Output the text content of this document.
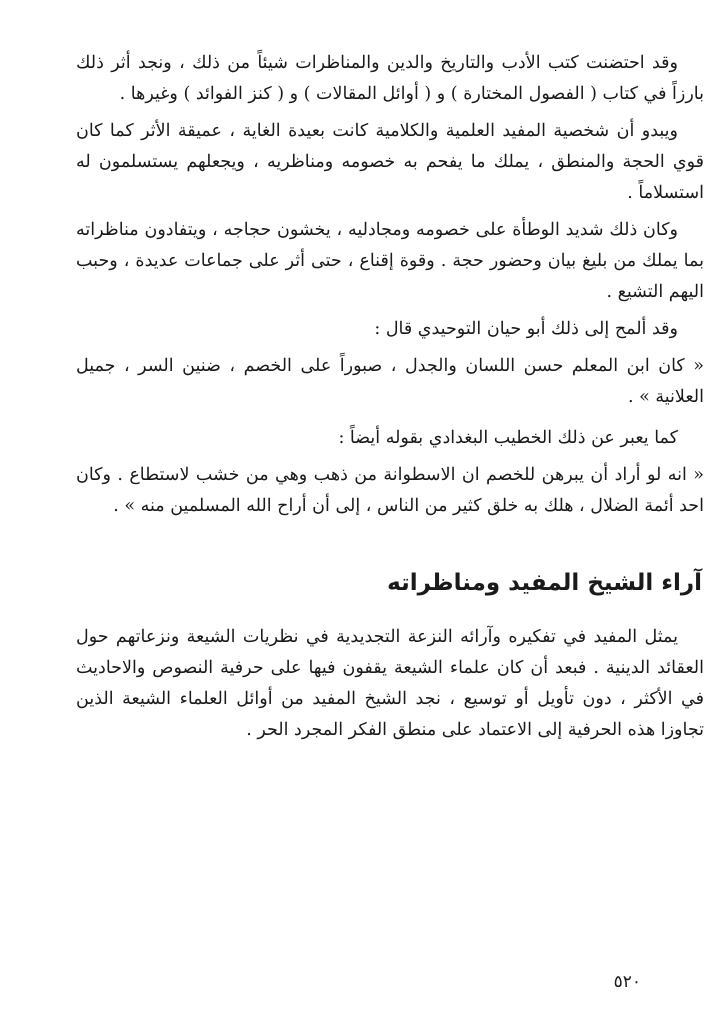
وقد احتضنت كتب الأدب والتاريخ والدين والمناظرات شيئاً من ذلك ، ونجد أثر ذلك بارزاً في كتاب ( الفصول المختارة ) و ( أوائل المقالات ) و ( كنز الفوائد ) وغيرها .

ويبدو أن شخصية المفيد العلمية والكلامية كانت بعيدة الغاية ، عميقة الأثر كما كان قوي الحجة والمنطق ، يملك ما يفحم به خصومه ومناظريه ، ويجعلهم يستسلمون له استسلاماً .

وكان ذلك شديد الوطأة على خصومه ومجادليه ، يخشون حجاجه ، ويتفادون مناظراته بما يملك من بليغ بيان وحضور حجة . وقوة إقناع ، حتى أثر على جماعات عديدة ، وحبب اليهم التشيع .

وقد ألمح إلى ذلك أبو حيان التوحيدي قال :

« كان ابن المعلم حسن اللسان والجدل ، صبوراً على الخصم ، ضنين السر ، جميل العلانية » .

كما يعبر عن ذلك الخطيب البغدادي بقوله أيضاً :

« انه لو أراد أن يبرهن للخصم ان الاسطوانة من ذهب وهي من خشب لاستطاع . وكان احد أئمة الضلال ، هلك به خلق كثير من الناس ، إلى أن أراح الله المسلمين منه » .

آراء الشيخ المفيد ومناظراته

يمثل المفيد في تفكيره وآرائه النزعة التجديدية في نظريات الشيعة ونزعاتهم حول العقائد الدينية . فبعد أن كان علماء الشيعة يقفون فيها على حرفية النصوص والاحاديث في الأكثر ، دون تأويل أو توسيع ، نجد الشيخ المفيد من أوائل العلماء الشيعة الذين تجاوزا هذه الحرفية إلى الاعتماد على منطق الفكر المجرد الحر .

٥٢٠
